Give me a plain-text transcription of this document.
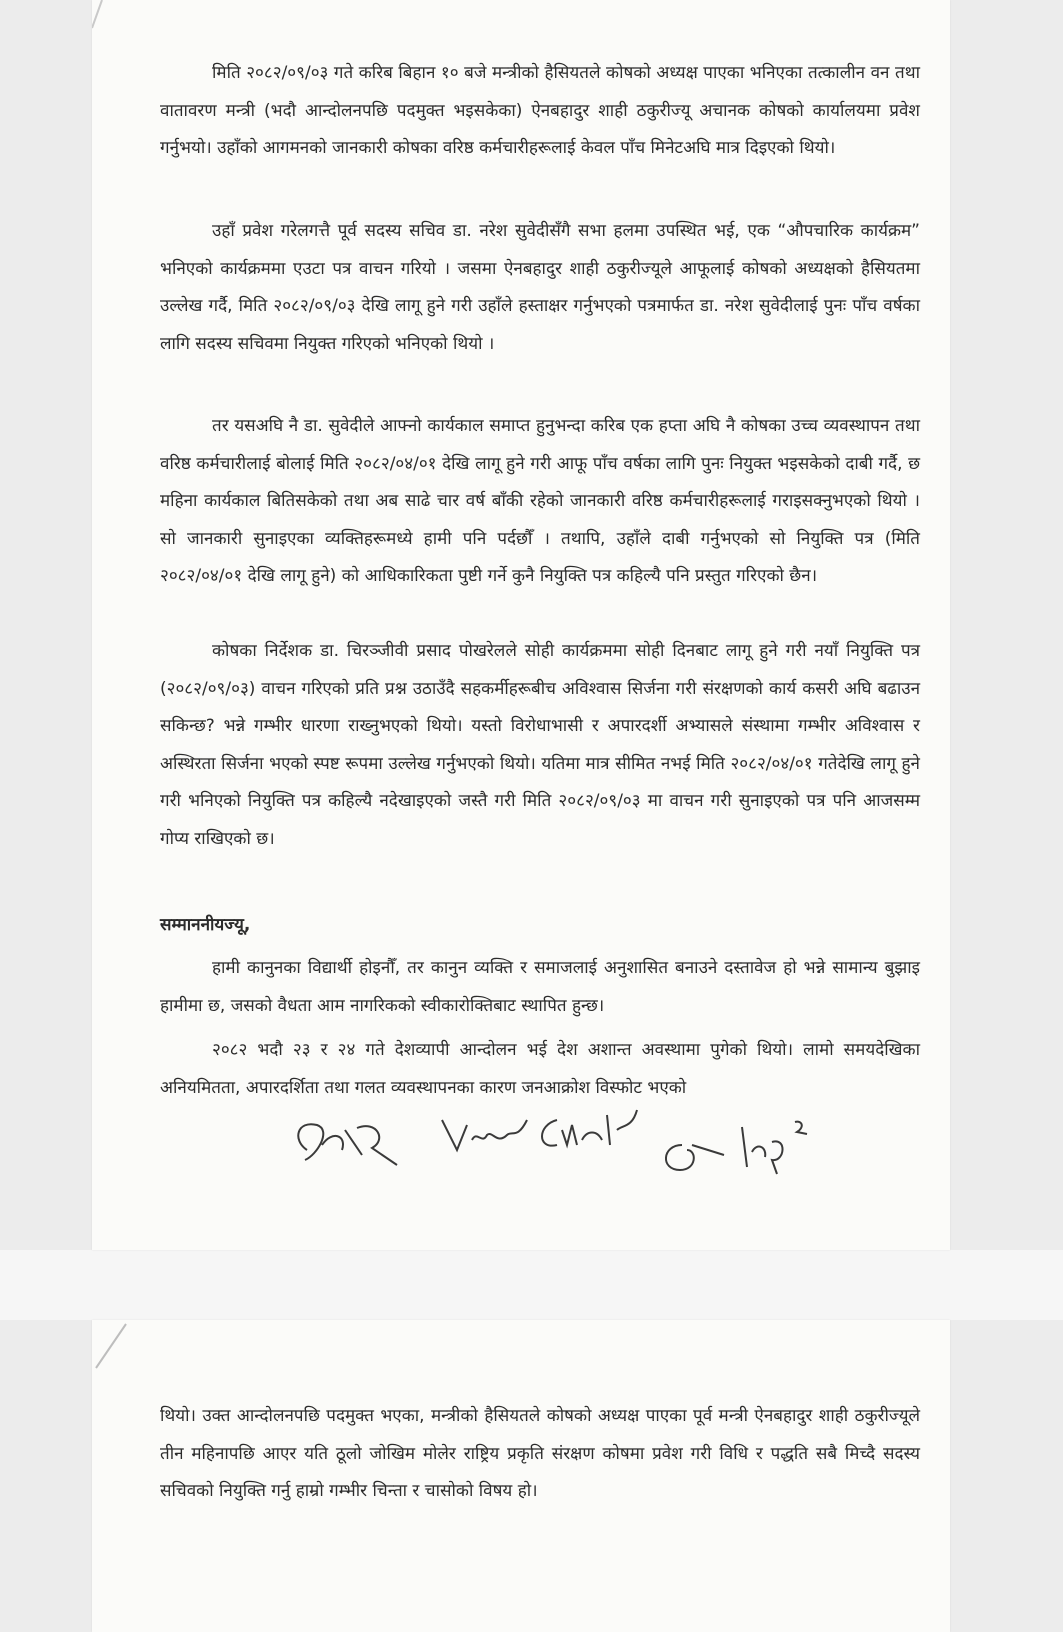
मिति २०८२/०९/०३ गते करिब बिहान १० बजे मन्त्रीको हैसियतले कोषको अध्यक्ष पाएका भनिएका तत्कालीन वन तथा वातावरण मन्त्री (भदौ आन्दोलनपछि पदमुक्त भइसकेका) ऐनबहादुर शाही ठकुरीज्यू अचानक कोषको कार्यालयमा प्रवेश गर्नुभयो। उहाँको आगमनको जानकारी कोषका वरिष्ठ कर्मचारीहरूलाई केवल पाँच मिनेटअघि मात्र दिइएको थियो।

उहाँ प्रवेश गरेलगत्तै पूर्व सदस्य सचिव डा. नरेश सुवेदीसँगै सभा हलमा उपस्थित भई, एक “औपचारिक कार्यक्रम” भनिएको कार्यक्रममा एउटा पत्र वाचन गरियो । जसमा ऐनबहादुर शाही ठकुरीज्यूले आफूलाई कोषको अध्यक्षको हैसियतमा उल्लेख गर्दै, मिति २०८२/०९/०३ देखि लागू हुने गरी उहाँले हस्ताक्षर गर्नुभएको पत्रमार्फत डा. नरेश सुवेदीलाई पुनः पाँच वर्षका लागि सदस्य सचिवमा नियुक्त गरिएको भनिएको थियो ।

तर यसअघि नै डा. सुवेदीले आफ्नो कार्यकाल समाप्त हुनुभन्दा करिब एक हप्ता अघि नै कोषका उच्च व्यवस्थापन तथा वरिष्ठ कर्मचारीलाई बोलाई मिति २०८२/०४/०१ देखि लागू हुने गरी आफू पाँच वर्षका लागि पुनः नियुक्त भइसकेको दाबी गर्दै, छ महिना कार्यकाल बितिसकेको तथा अब साढे चार वर्ष बाँकी रहेको जानकारी वरिष्ठ कर्मचारीहरूलाई गराइसक्नुभएको थियो । सो जानकारी सुनाइएका व्यक्तिहरूमध्ये हामी पनि पर्दछौँ । तथापि, उहाँले दाबी गर्नुभएको सो नियुक्ति पत्र (मिति २०८२/०४/०१ देखि लागू हुने) को आधिकारिकता पुष्टी गर्ने कुनै नियुक्ति पत्र कहिल्यै पनि प्रस्तुत गरिएको छैन।

कोषका निर्देशक डा. चिरञ्जीवी प्रसाद पोखरेलले सोही कार्यक्रममा सोही दिनबाट लागू हुने गरी नयाँ नियुक्ति पत्र (२०८२/०९/०३) वाचन गरिएको प्रति प्रश्न उठाउँदै सहकर्मीहरूबीच अविश्वास सिर्जना गरी संरक्षणको कार्य कसरी अघि बढाउन सकिन्छ? भन्ने गम्भीर धारणा राख्नुभएको थियो। यस्तो विरोधाभासी र अपारदर्शी अभ्यासले संस्थामा गम्भीर अविश्वास र अस्थिरता सिर्जना भएको स्पष्ट रूपमा उल्लेख गर्नुभएको थियो। यतिमा मात्र सीमित नभई मिति २०८२/०४/०१ गतेदेखि लागू हुने गरी भनिएको नियुक्ति पत्र कहिल्यै नदेखाइएको जस्तै गरी मिति २०८२/०९/०३ मा वाचन गरी सुनाइएको पत्र पनि आजसम्म गोप्य राखिएको छ।

सम्माननीयज्यू,

हामी कानुनका विद्यार्थी होइनौँ, तर कानुन व्यक्ति र समाजलाई अनुशासित बनाउने दस्तावेज हो भन्ने सामान्य बुझाइ हामीमा छ, जसको वैधता आम नागरिकको स्वीकारोक्तिबाट स्थापित हुन्छ।

२०८२ भदौ २३ र २४ गते देशव्यापी आन्दोलन भई देश अशान्त अवस्थामा पुगेको थियो। लामो समयदेखिका अनियमितता, अपारदर्शिता तथा गलत व्यवस्थापनका कारण जनआक्रोश विस्फोट भएको

थियो। उक्त आन्दोलनपछि पदमुक्त भएका, मन्त्रीको हैसियतले कोषको अध्यक्ष पाएका पूर्व मन्त्री ऐनबहादुर शाही ठकुरीज्यूले तीन महिनापछि आएर यति ठूलो जोखिम मोलेर राष्ट्रिय प्रकृति संरक्षण कोषमा प्रवेश गरी विधि र पद्धति सबै मिच्दै सदस्य सचिवको नियुक्ति गर्नु हाम्रो गम्भीर चिन्ता र चासोको विषय हो।
